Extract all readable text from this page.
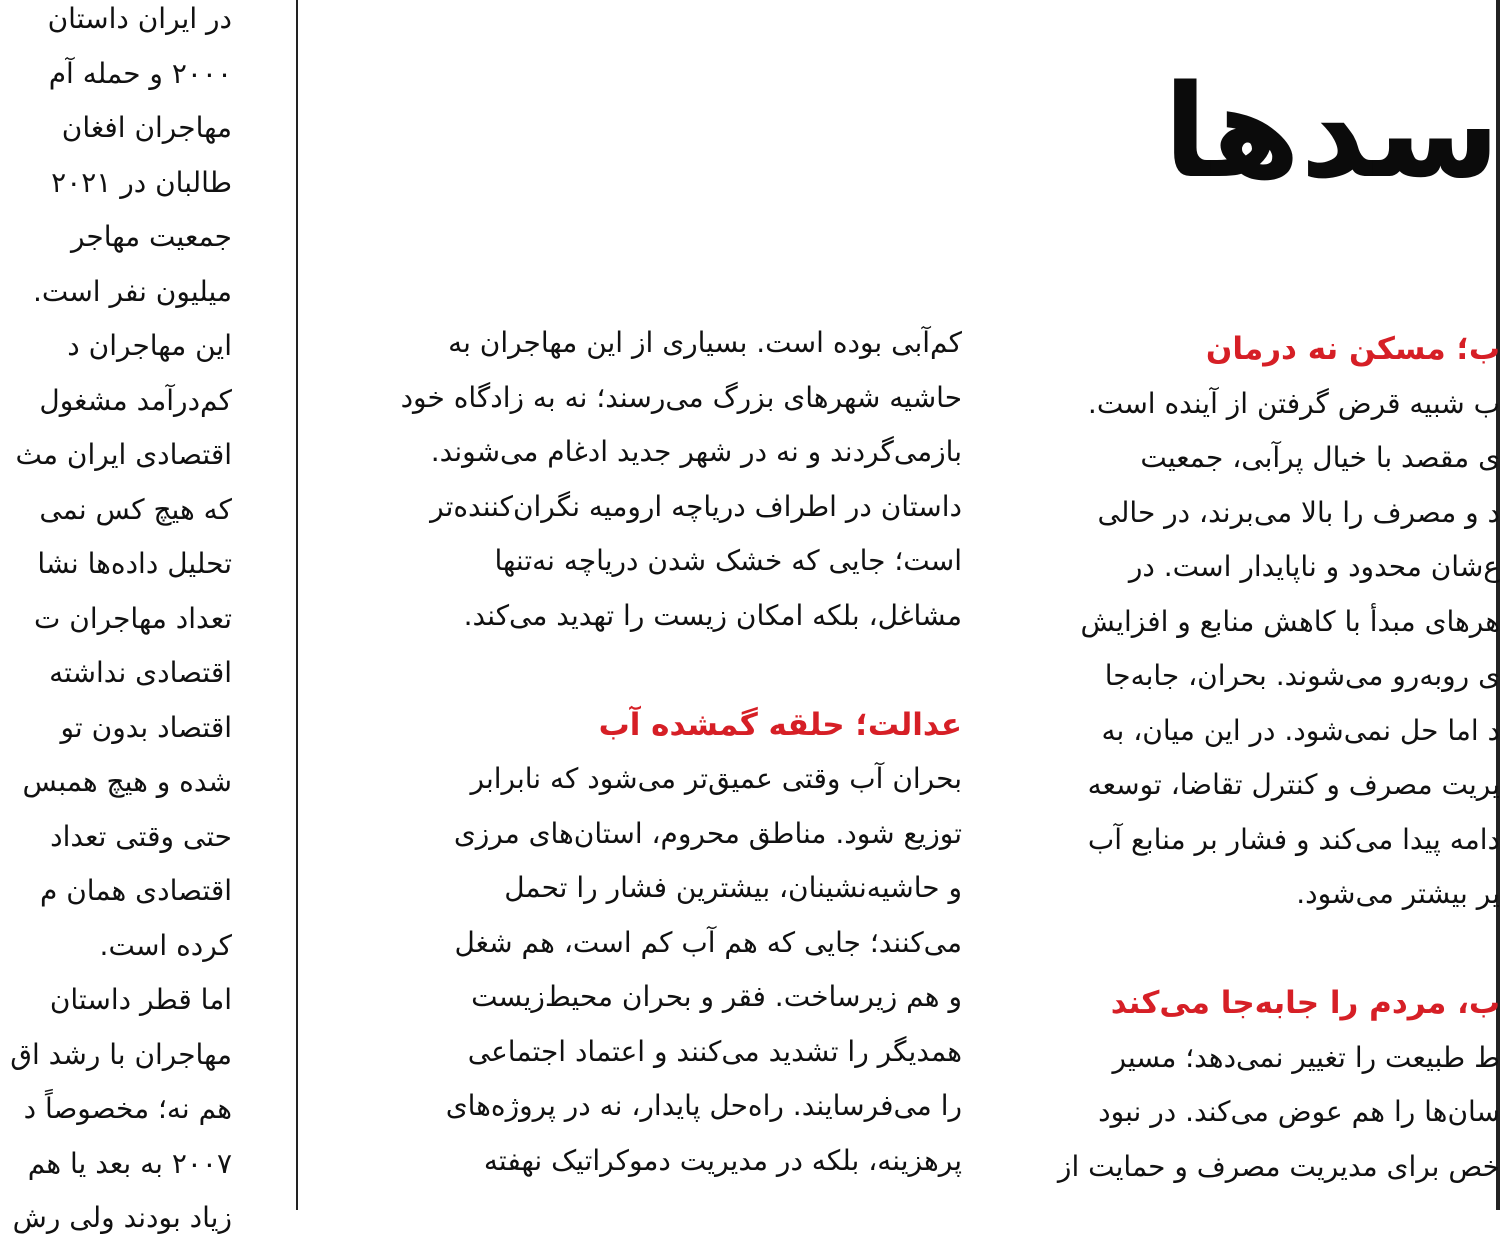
سدها

در ایران داستان

۲۰۰۰ و حمله آم

مهاجران افغان

طالبان در ۲۰۲۱

جمعیت مهاجر

میلیون نفر است.

این مهاجران د

کم‌درآمد مشغول

اقتصادی ایران مث

که هیچ کس نمی

تحلیل داده‌ها نشا

تعداد مهاجران ت

اقتصادی نداشته

اقتصاد بدون تو

شده و هیچ همبس

حتی وقتی تعداد

اقتصادی همان م

کرده است.

اما قطر داستان

مهاجران با رشد اق

هم نه؛ مخصوصاً د

۲۰۰۷ به بعد یا هم

زیاد بودند ولی رش

کم‌آبی بوده است. بسیاری از این مهاجران به

حاشیه شهرهای بزرگ می‌رسند؛ نه به زادگاه خود

بازمی‌گردند و نه در شهر جدید ادغام می‌شوند.

داستان در اطراف دریاچه ارومیه نگران‌کننده‌تر

است؛ جایی که خشک شدن دریاچه نه‌تنها

مشاغل، بلکه امکان زیست را تهدید می‌کند.

عدالت؛ حلقه گمشده آب

بحران آب وقتی عمیق‌تر می‌شود که نابرابر

توزیع شود. مناطق محروم، استان‌های مرزی

و حاشیه‌نشینان، بیشترین فشار را تحمل

می‌کنند؛ جایی که هم آب کم است، هم شغل

و هم زیرساخت. فقر و بحران محیط‌زیست

همدیگر را تشدید می‌کنند و اعتماد اجتماعی

را می‌فرسایند. راه‌حل پایدار، نه در پروژه‌های

پرهزینه، بلکه در مدیریت دموکراتیک نهفته

ب؛ مسکن نه درمان

ب شبیه قرض گرفتن از آینده است.

ی مقصد با خیال پرآبی، جمعیت

د و مصرف را بالا می‌برند، در حالی

ع‌شان محدود و ناپایدار است. در

هرهای مبدأ با کاهش منابع و افزایش

ی روبه‌رو می‌شوند. بحران، جابه‌جا

د اما حل نمی‌شود. در این میان، به

یریت مصرف و کنترل تقاضا، توسعه

دامه پیدا می‌کند و فشار بر منابع آب

یر بیشتر می‌شود.

ب، مردم را جابه‌جا می‌کند

ط طبیعت را تغییر نمی‌دهد؛ مسیر

سان‌ها را هم عوض می‌کند. در نبود

خص برای مدیریت مصرف و حمایت از
